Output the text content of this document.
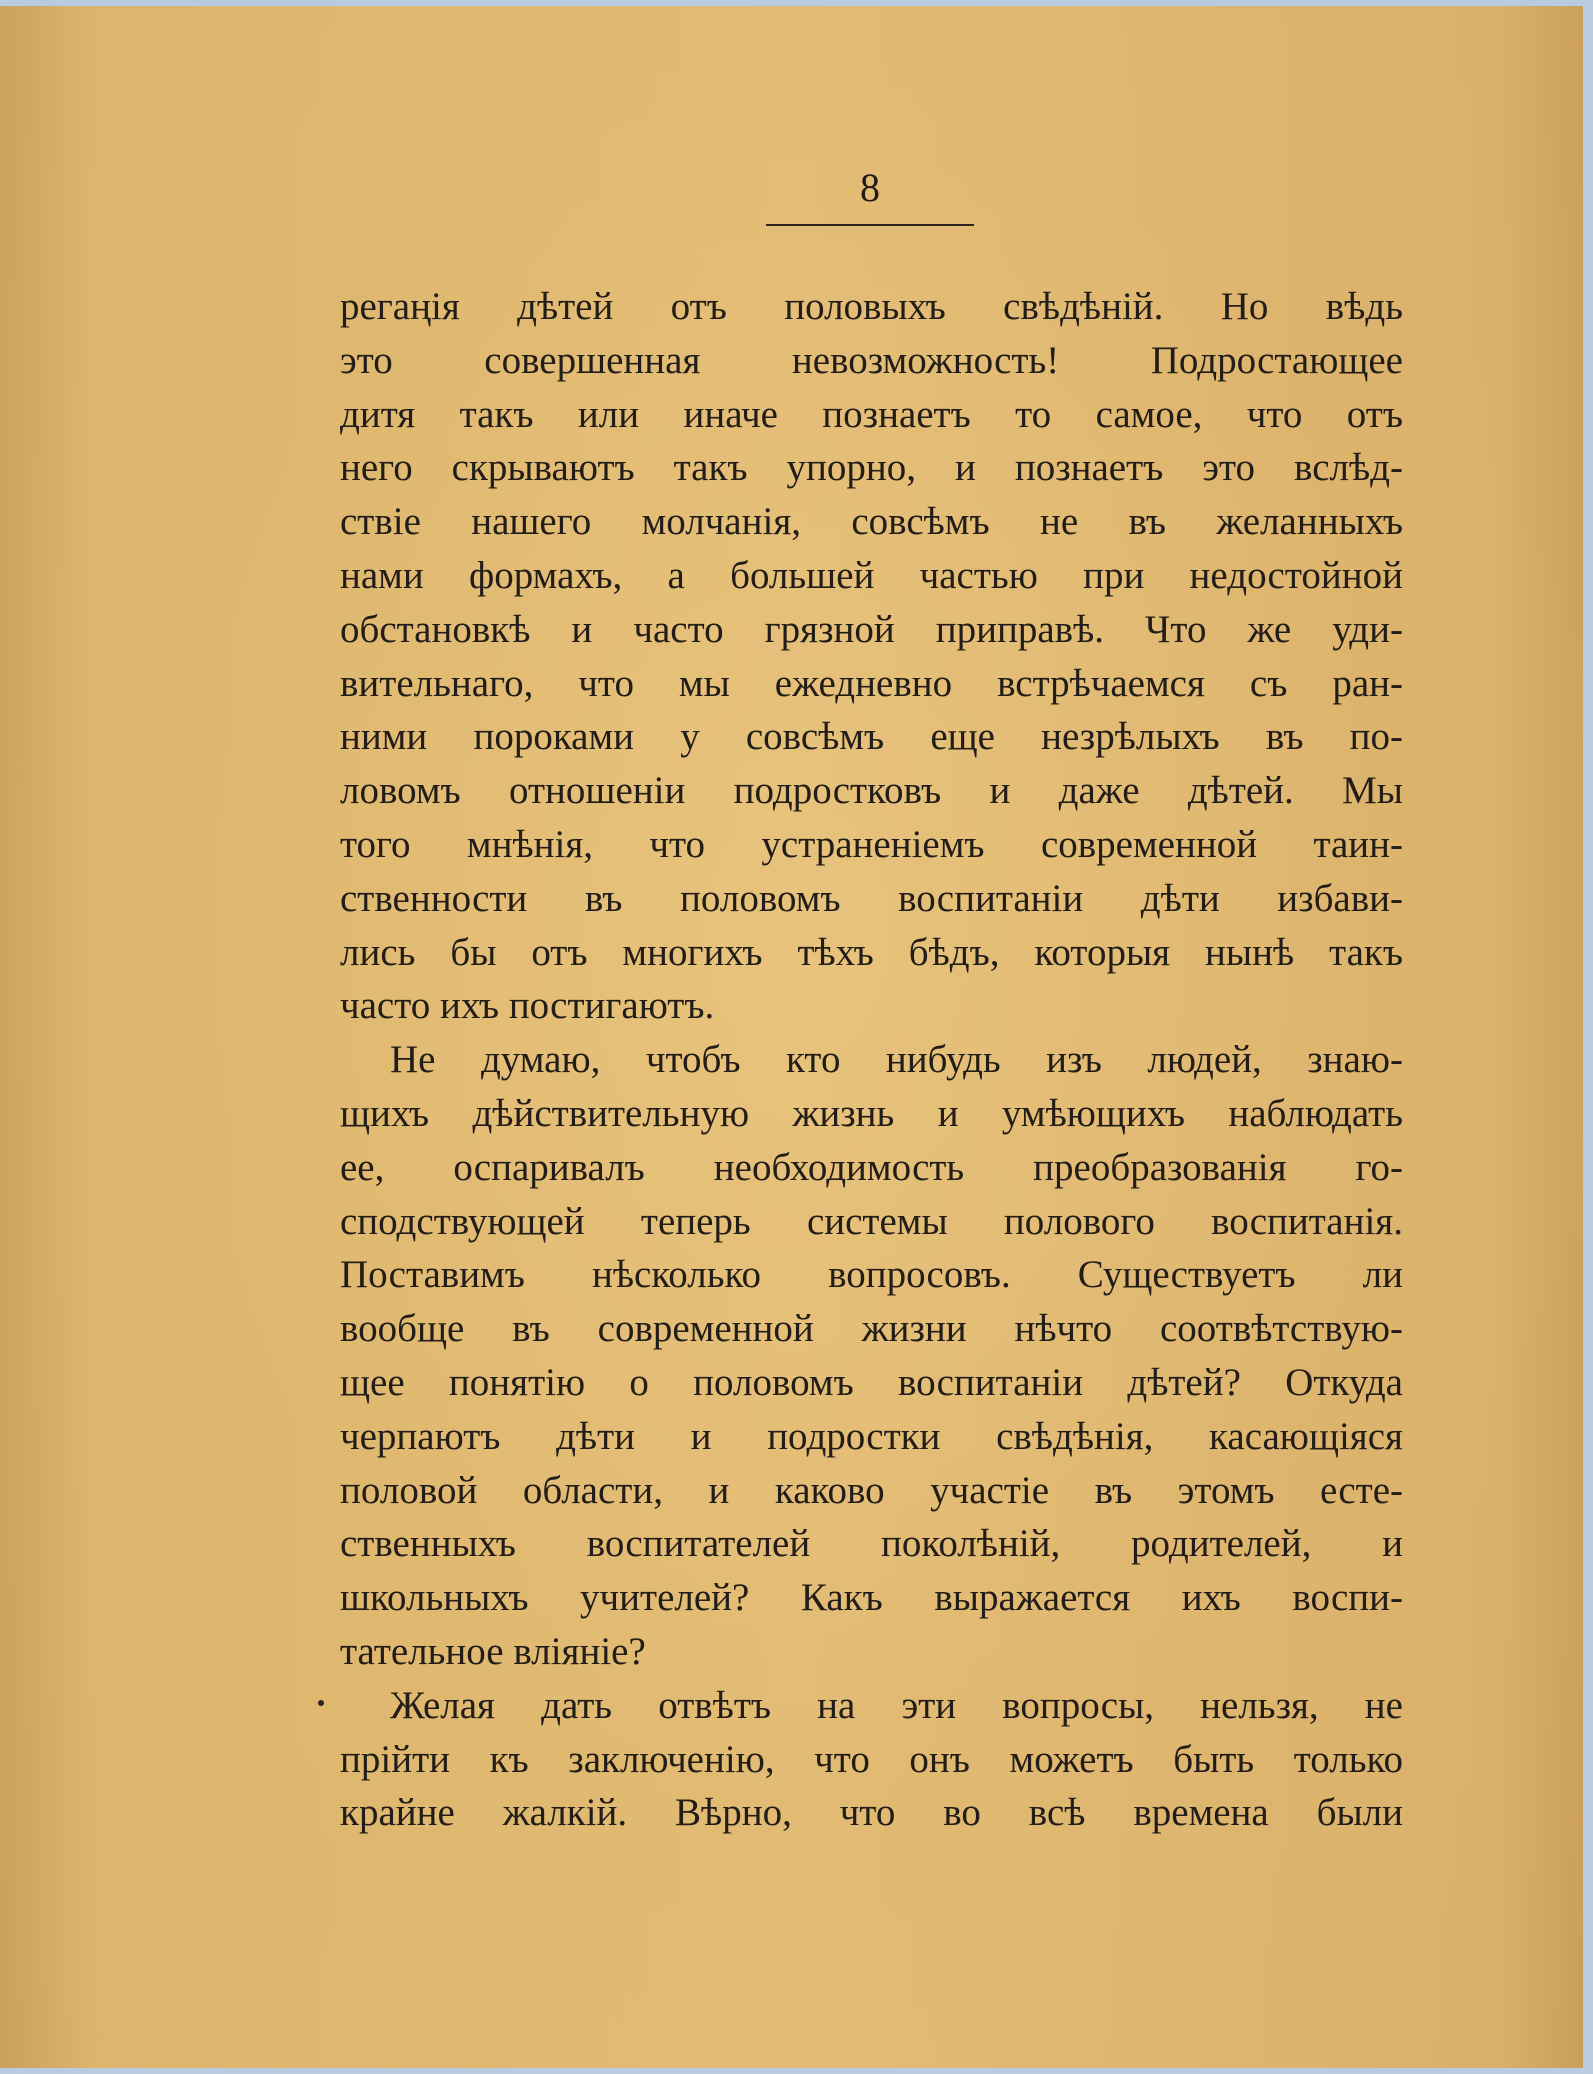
8

регаңія дѣтей отъ половыхъ свѣдѣній. Но вѣдь
это совершенная невозможность! Подростающее
дитя такъ или иначе познаетъ то самое, что отъ
него скрываютъ такъ упорно, и познаетъ это вслѣд-
ствіе нашего молчанія, совсѣмъ не въ желанныхъ
нами формахъ, а большей частью при недостойной
обстановкѣ и часто грязной приправѣ. Что же уди-
вительнаго, что мы ежедневно встрѣчаемся съ ран-
ними пороками у совсѣмъ еще незрѣлыхъ въ по-
ловомъ отношеніи подростковъ и даже дѣтей. Мы
того мнѣнія, что устраненіемъ современной таин-
ственности въ половомъ воспитаніи дѣти избави-
лись бы отъ многихъ тѣхъ бѣдъ, которыя нынѣ такъ
часто ихъ постигаютъ.

Не думаю, чтобъ кто нибудь изъ людей, знаю-
щихъ дѣйствительную жизнь и умѣющихъ наблюдать
ее, оспаривалъ необходимость преобразованія го-
сподствующей теперь системы полового воспитанія.
Поставимъ нѣсколько вопросовъ. Существуетъ ли
вообще въ современной жизни нѣчто соотвѣтствую-
щее понятію о половомъ воспитаніи дѣтей? Откуда
черпаютъ дѣти и подростки свѣдѣнія, касающіяся
половой области, и каково участіе въ этомъ есте-
ственныхъ воспитателей поколѣній, родителей, и
школьныхъ учителей? Какъ выражается ихъ воспи-
тательное вліяніе?

Желая дать отвѣтъ на эти вопросы, нельзя, не
прійти къ заключенію, что онъ можетъ быть только
крайне жалкій. Вѣрно, что во всѣ времена были
